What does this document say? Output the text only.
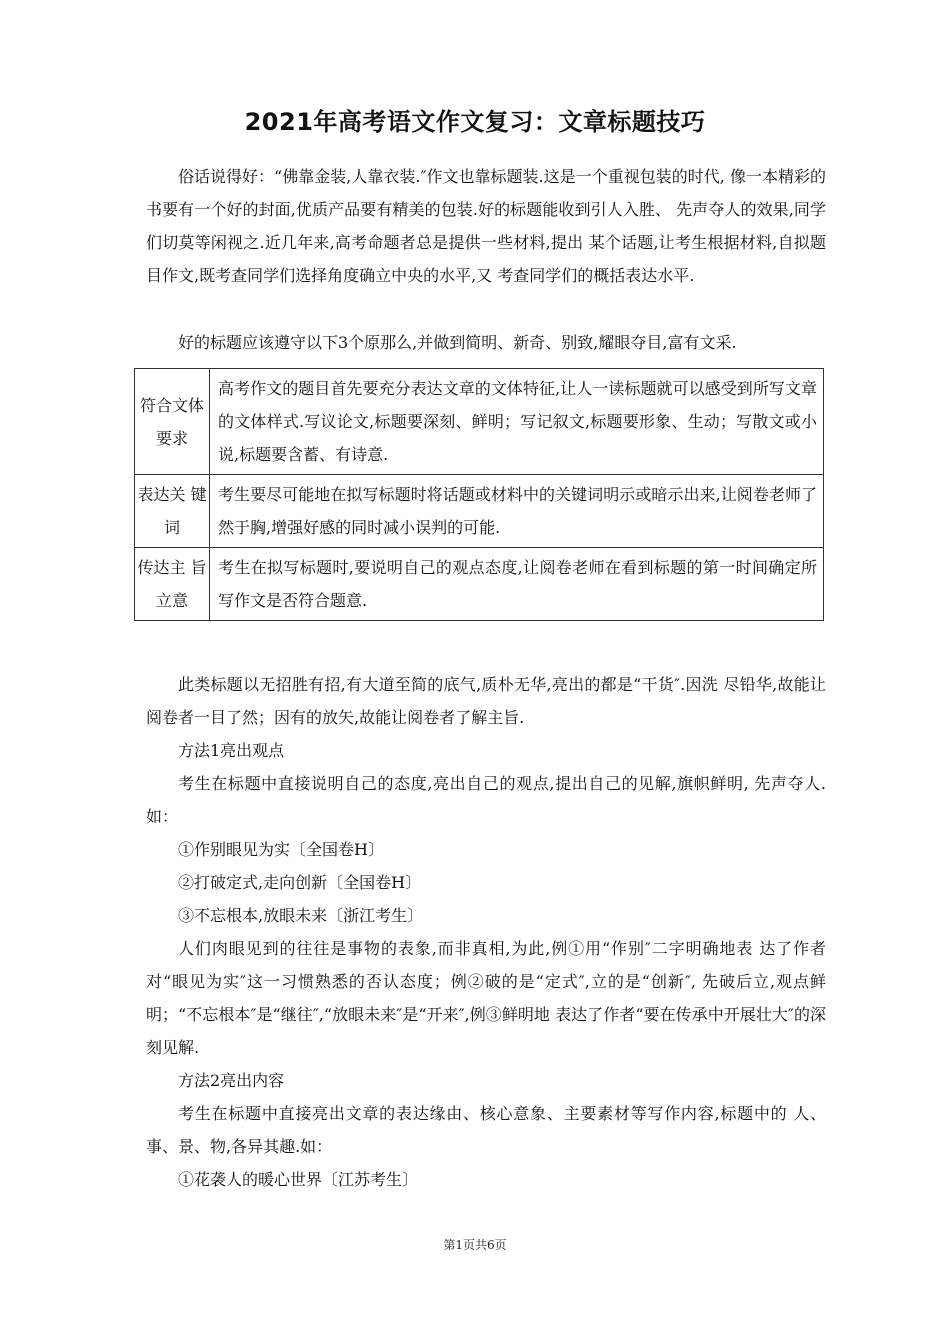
2021年高考语文作文复习：文章标题技巧

俗话说得好：“佛靠金装,人靠衣装.″作文也靠标题装.这是一个重视包装的时代, 像一本精彩的书要有一个好的封面,优质产品要有精美的包装.好的标题能收到引人入胜、 先声夺人的效果,同学们切莫等闲视之.近几年来,高考命题者总是提供一些材料,提出 某个话题,让考生根据材料,自拟题目作文,既考查同学们选择角度确立中央的水平,又 考查同学们的概括表达水平.

好的标题应该遵守以下3个原那么,并做到简明、新奇、别致,耀眼夺目,富有文采.

符合文体要求	高考作文的题目首先要充分表达文章的文体特征,让人一读标题就可以感受到所写文章的文体样式.写议论文,标题要深刻、鲜明；写记叙文,标题要形象、生动；写散文或小说,标题要含蓄、有诗意.
表达关 键词	考生要尽可能地在拟写标题时将话题或材料中的关键词明示或暗示出来,让阅卷老师了然于胸,增强好感的同时减小误判的可能.
传达主 旨立意	考生在拟写标题时,要说明自己的观点态度,让阅卷老师在看到标题的第一时间确定所写作文是否符合题意.

此类标题以无招胜有招,有大道至简的底气,质朴无华,亮出的都是“干货″.因洗 尽铅华,故能让阅卷者一目了然；因有的放矢,故能让阅卷者了解主旨.

方法1亮出观点

考生在标题中直接说明自己的态度,亮出自己的观点,提出自己的见解,旗帜鲜明, 先声夺人.如：

①作别眼见为实〔全国卷H〕

②打破定式,走向创新〔全国卷H〕

③不忘根本,放眼未来〔浙江考生〕

人们肉眼见到的往往是事物的表象,而非真相,为此,例①用“作别″二字明确地表 达了作者对“眼见为实″这一习惯熟悉的否认态度；例②破的是“定式″,立的是“创新″, 先破后立,观点鲜明；“不忘根本″是“继往″,“放眼未来″是“开来″,例③鲜明地 表达了作者“要在传承中开展壮大″的深刻见解.

方法2亮出内容

考生在标题中直接亮出文章的表达缘由、核心意象、主要素材等写作内容,标题中的 人、事、景、物,各异其趣.如：

①花袭人的暖心世界〔江苏考生〕

第1页共6页
